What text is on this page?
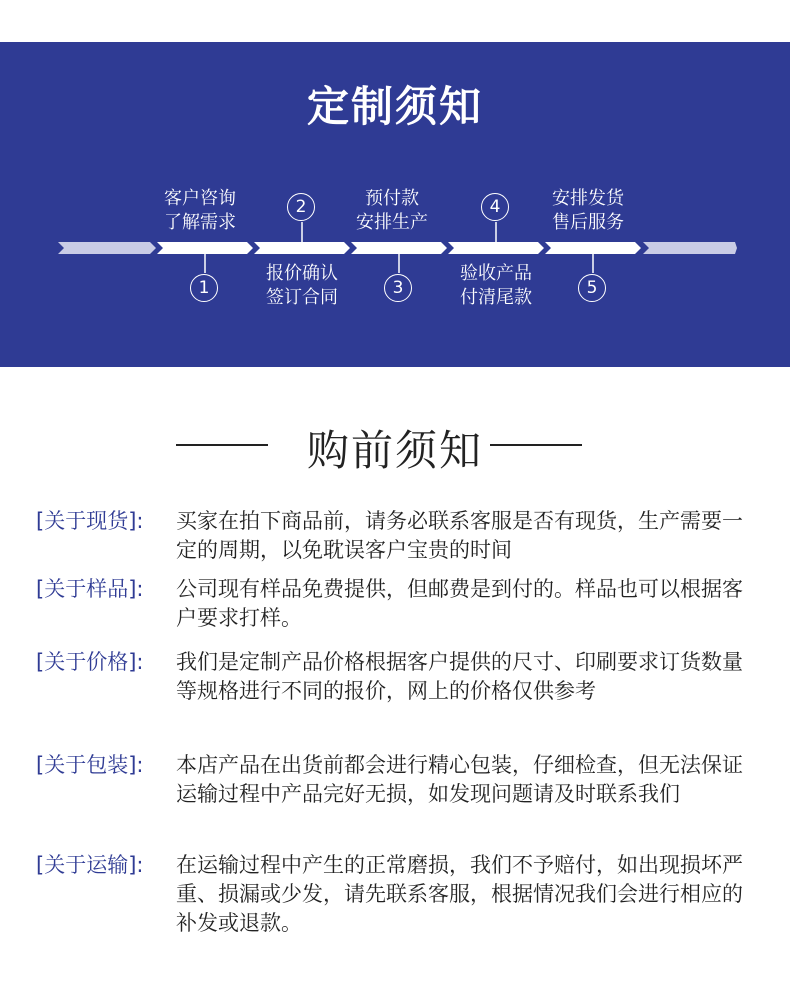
定制须知
客户咨询
了解需求
1
2
报价确认
签订合同
预付款
安排生产
3
4
验收产品
付清尾款
安排发货
售后服务
5
购前须知
[关于现货]: 买家在拍下商品前，请务必联系客服是否有现货，生产需要一定的周期，以免耽误客户宝贵的时间
[关于样品]: 公司现有样品免费提供，但邮费是到付的。样品也可以根据客户要求打样。
[关于价格]: 我们是定制产品价格根据客户提供的尺寸、印刷要求订货数量等规格进行不同的报价，网上的价格仅供参考
[关于包装]: 本店产品在出货前都会进行精心包装，仔细检查，但无法保证运输过程中产品完好无损，如发现问题请及时联系我们
[关于运输]: 在运输过程中产生的正常磨损，我们不予赔付，如出现损坏严重、损漏或少发，请先联系客服，根据情况我们会进行相应的补发或退款。
